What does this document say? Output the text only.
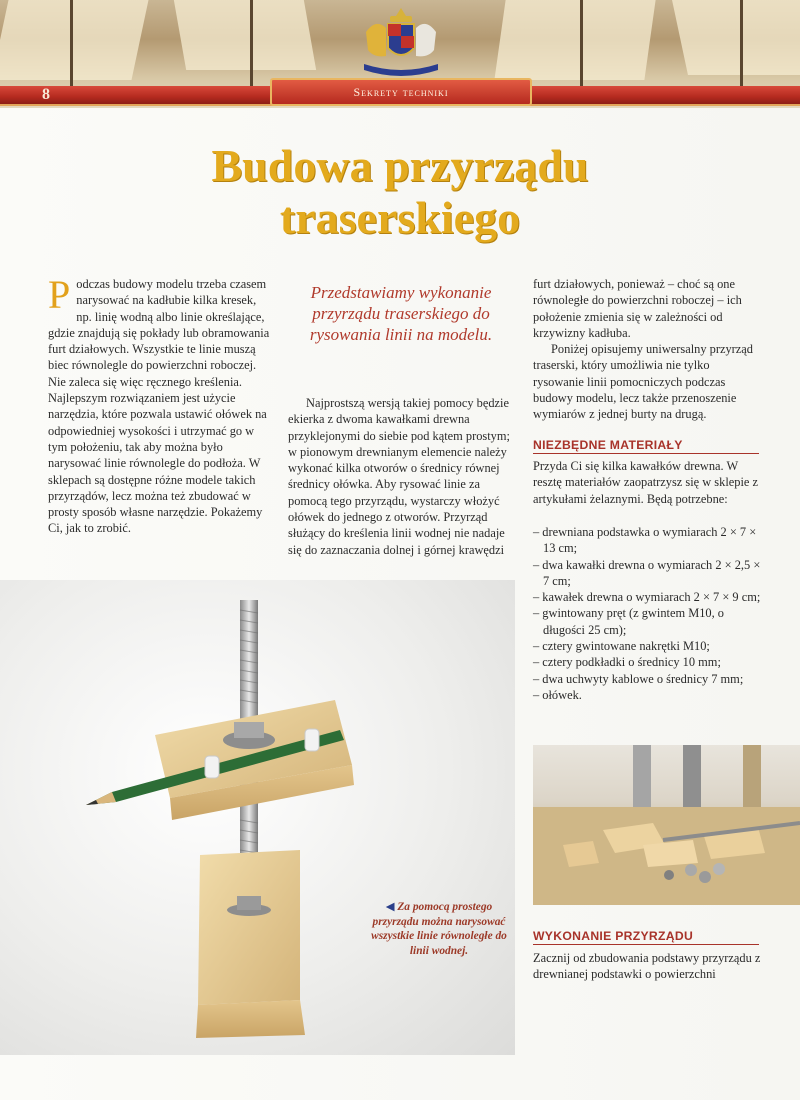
8	Sekrety techniki
Budowa przyrządu traserskiego
P odczas budowy modelu trzeba czasem narysować na kadłubie kilka kresek, np. linię wodną albo linie określające, gdzie znajdują się pokłady lub obramowania furt działowych. Wszystkie te linie muszą biec równolegle do powierzchni roboczej. Nie zaleca się więc ręcznego kreślenia. Najlepszym rozwiązaniem jest użycie narzędzia, które pozwala ustawić ołówek na odpowiedniej wysokości i utrzymać go w tym położeniu, tak aby można było narysować linie równolegle do podłoża. W sklepach są dostępne różne modele takich przyrządów, lecz można też zbudować w prosty sposób własne narzędzie. Pokażemy Ci, jak to zrobić.
Przedstawiamy wykonanie przyrządu traserskiego do rysowania linii na modelu.

Najprostszą wersją takiej pomocy będzie ekierka z dwoma kawałkami drewna przyklejonymi do siebie pod kątem prostym; w pionowym drewnianym elemencie należy wykonać kilka otworów o średnicy równej średnicy ołówka. Aby rysować linie za pomocą tego przyrządu, wystarczy włożyć ołówek do jednego z otworów. Przyrząd służący do kreślenia linii wodnej nie nadaje się do zaznaczania dolnej i górnej krawędzi

furt działowych, ponieważ – choć są one równoległe do powierzchni roboczej – ich położenie zmienia się w zależności od krzywizny kadłuba.

Poniżej opisujemy uniwersalny przyrząd traserski, który umożliwia nie tylko rysowanie linii pomocniczych podczas budowy modelu, lecz także przenoszenie wymiarów z jednej burty na drugą.

NIEZBĘDNE MATERIAŁY
Przyda Ci się kilka kawałków drewna. W resztę materiałów zaopatrzysz się w sklepie z artykułami żelaznymi. Będą potrzebne:
– drewniana podstawka o wymiarach 2 × 7 × 13 cm;
– dwa kawałki drewna o wymiarach 2 × 2,5 × 7 cm;
– kawałek drewna o wymiarach 2 × 7 × 9 cm;
– gwintowany pręt (z gwintem M10, o długości 25 cm);
– cztery gwintowane nakrętki M10;
– cztery podkładki o średnicy 10 mm;
– dwa uchwyty kablowe o średnicy 7 mm;
– ołówek.
◀ Za pomocą prostego przyrządu można narysować wszystkie linie równoległe do linii wodnej.
WYKONANIE PRZYRZĄDU
Zacznij od zbudowania podstawy przyrządu z drewnianej podstawki o powierzchni
